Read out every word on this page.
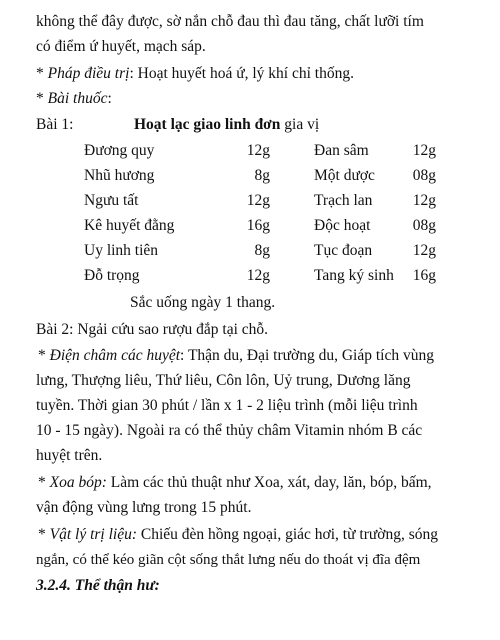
không thể đây được, sờ nắn chỗ đau thì đau tăng, chất lưỡi tím
có điểm ứ huyết, mạch sáp.
* Pháp điều trị: Hoạt huyết hoá ứ, lý khí chỉ thống.
* Bài thuốc:
Bài 1:	Hoạt lạc giao linh đơn gia vị
Đương quy	12g	Đan sâm	12g
Nhũ hương	8g	Một dược	08g
Ngưu tất	12g	Trạch lan	12g
Kê huyết đằng	16g	Độc hoạt	08g
Uy linh tiên	8g	Tục đoạn	12g
Đỗ trọng	12g	Tang ký sinh	16g
Sắc uống ngày 1 thang.
Bài 2: Ngải cứu sao rượu đắp tại chỗ.
* Điện châm các huyệt: Thận du, Đại trường du, Giáp tích vùng
lưng, Thượng liêu, Thứ liêu, Côn lôn, Uỷ trung, Dương lăng
tuyền. Thời gian 30 phút / lần x 1 - 2 liệu trình (mỗi liệu trình
10 - 15 ngày). Ngoài ra có thể thủy châm Vitamin nhóm B các
huyệt trên.
* Xoa bóp: Làm các thủ thuật như Xoa, xát, day, lăn, bóp, bấm,
vận động vùng lưng trong 15 phút.
* Vật lý trị liệu: Chiếu đèn hồng ngoại, giác hơi, từ trường, sóng
ngắn, có thể kéo giãn cột sống thắt lưng nếu do thoát vị đĩa đệm
3.2.4. Thể thận hư:
